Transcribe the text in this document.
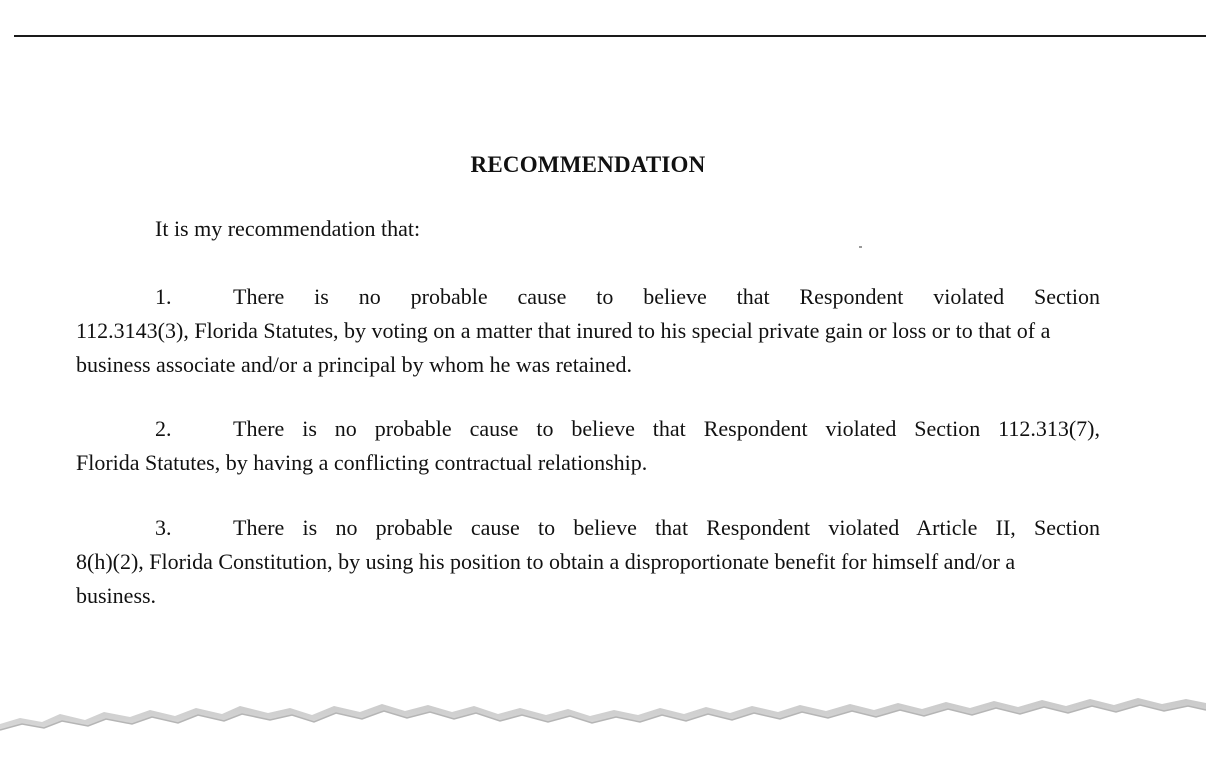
RECOMMENDATION
It is my recommendation that:
1.	There is no probable cause to believe that Respondent violated Section
112.3143(3), Florida Statutes, by voting on a matter that inured to his special private gain or loss or to that of a business associate and/or a principal by whom he was retained.
2.	There is no probable cause to believe that Respondent violated Section 112.313(7),
Florida Statutes, by having a conflicting contractual relationship.
3.	There is no probable cause to believe that Respondent violated Article II, Section
8(h)(2), Florida Constitution, by using his position to obtain a disproportionate benefit for himself and/or a business.
